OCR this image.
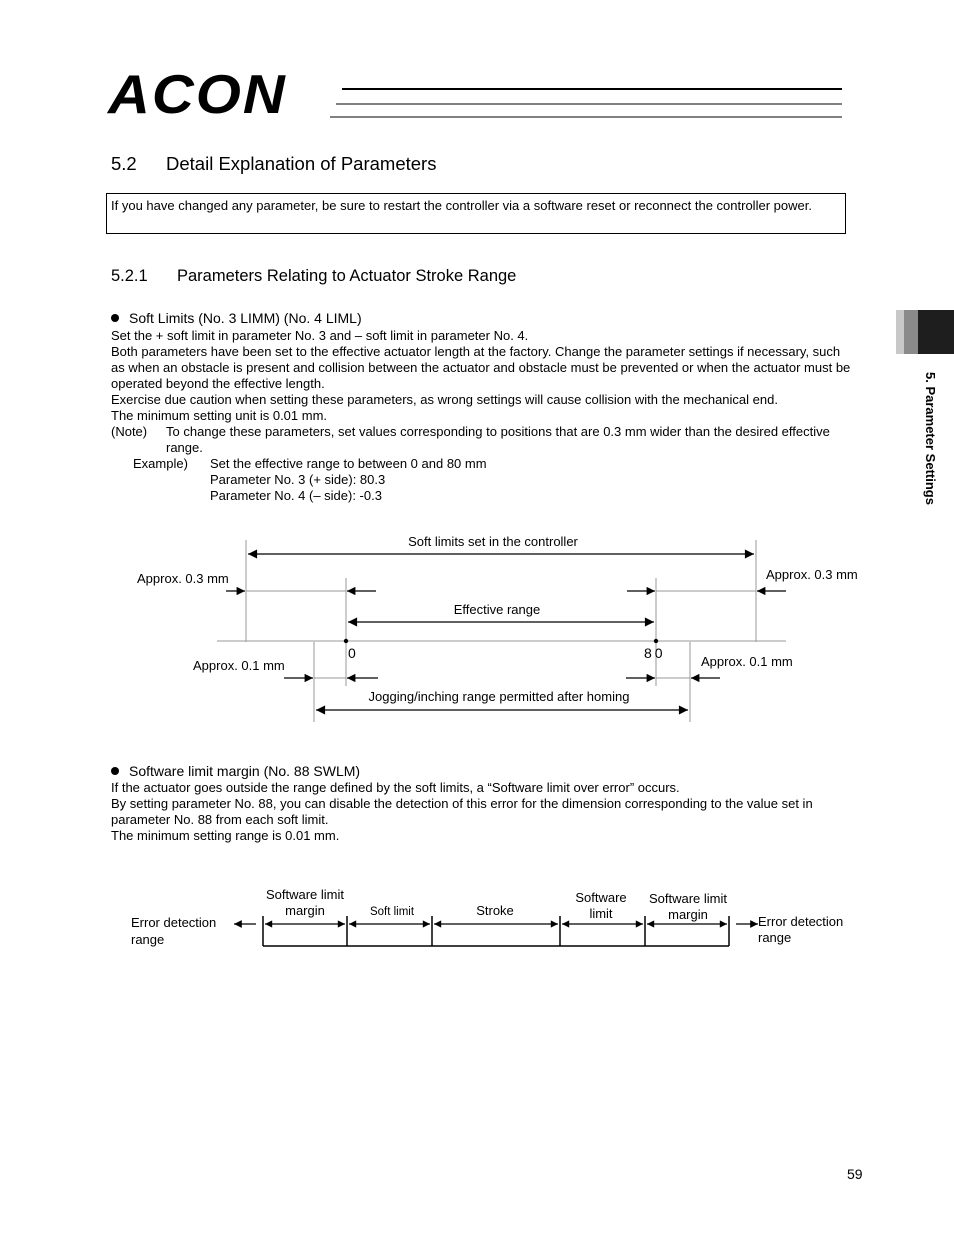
ACON
5.2 Detail Explanation of Parameters
If you have changed any parameter, be sure to restart the controller via a software reset or reconnect the controller power.
5.2.1 Parameters Relating to Actuator Stroke Range
Soft Limits (No. 3 LIMM) (No. 4 LIML)

Set the + soft limit in parameter No. 3 and – soft limit in parameter No. 4.

Both parameters have been set to the effective actuator length at the factory. Change the parameter settings if necessary, such as when an obstacle is present and collision between the actuator and obstacle must be prevented or when the actuator must be operated beyond the effective length.

Exercise due caution when setting these parameters, as wrong settings will cause collision with the mechanical end.

The minimum setting unit is 0.01 mm.

(Note) To change these parameters, set values corresponding to positions that are 0.3 mm wider than the desired effective range.
Example) Set the effective range to between 0 and 80 mm

Parameter No. 3 (+ side): 80.3

Parameter No. 4 (– side): -0.3

Soft limits set in the controller
Approx. 0.3 mm	Approx. 0.3 mm
Effective range
0	80
Approx. 0.1 mm	Approx. 0.1 mm
Jogging/inching range permitted after homing
Software limit margin (No. 88 SWLM)

If the actuator goes outside the range defined by the soft limits, a “Software limit over error” occurs.

By setting parameter No. 88, you can disable the detection of this error for the dimension corresponding to the value set in parameter No. 88 from each soft limit.

The minimum setting range is 0.01 mm.

Error detection
range
Software limit
margin	Soft limit	Stroke
Software
limit
Software limit
margin	Error detection
range
5. Parameter Settings
59
